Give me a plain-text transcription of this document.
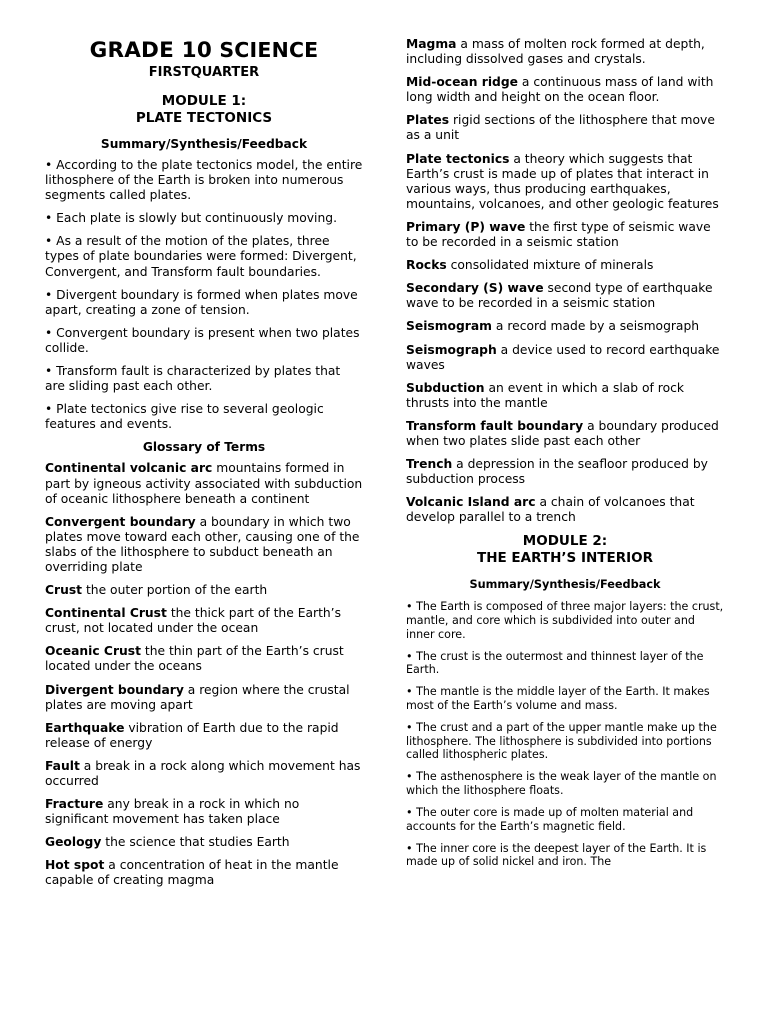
GRADE 10 SCIENCE
FIRSTQUARTER
MODULE 1:
PLATE TECTONICS
Summary/Synthesis/Feedback

• According to the plate tectonics model, the entire lithosphere of the Earth is broken into numerous segments called plates.

• Each plate is slowly but continuously moving.

• As a result of the motion of the plates, three types of plate boundaries were formed: Divergent, Convergent, and Transform fault boundaries.

• Divergent boundary is formed when plates move apart, creating a zone of tension.

• Convergent boundary is present when two plates collide.

• Transform fault is characterized by plates that are sliding past each other.

• Plate tectonics give rise to several geologic features and events.

Glossary of Terms

Continental volcanic arc mountains formed in part by igneous activity associated with subduction of oceanic lithosphere beneath a continent

Convergent boundary a boundary in which two plates move toward each other, causing one of the slabs of the lithosphere to subduct beneath an overriding plate

Crust the outer portion of the earth

Continental Crust the thick part of the Earth’s crust, not located under the ocean

Oceanic Crust the thin part of the Earth’s crust located under the oceans

Divergent boundary a region where the crustal plates are moving apart

Earthquake vibration of Earth due to the rapid release of energy

Fault a break in a rock along which movement has occurred

Fracture any break in a rock in which no significant movement has taken place

Geology the science that studies Earth

Hot spot a concentration of heat in the mantle capable of creating magma

Magma a mass of molten rock formed at depth, including dissolved gases and crystals.

Mid-ocean ridge a continuous mass of land with long width and height on the ocean floor.

Plates rigid sections of the lithosphere that move as a unit

Plate tectonics a theory which suggests that Earth’s crust is made up of plates that interact in various ways, thus producing earthquakes, mountains, volcanoes, and other geologic features

Primary (P) wave the first type of seismic wave to be recorded in a seismic station

Rocks consolidated mixture of minerals

Secondary (S) wave second type of earthquake wave to be recorded in a seismic station

Seismogram a record made by a seismograph

Seismograph a device used to record earthquake waves

Subduction an event in which a slab of rock thrusts into the mantle

Transform fault boundary a boundary produced when two plates slide past each other

Trench a depression in the seafloor produced by subduction process

Volcanic Island arc a chain of volcanoes that develop parallel to a trench

MODULE 2:
THE EARTH’S INTERIOR
Summary/Synthesis/Feedback

• The Earth is composed of three major layers: the crust, mantle, and core which is subdivided into outer and inner core.

• The crust is the outermost and thinnest layer of the Earth.

• The mantle is the middle layer of the Earth. It makes most of the Earth’s volume and mass.

• The crust and a part of the upper mantle make up the lithosphere. The lithosphere is subdivided into portions called lithospheric plates.

• The asthenosphere is the weak layer of the mantle on which the lithosphere floats.

• The outer core is made up of molten material and accounts for the Earth’s magnetic field.

• The inner core is the deepest layer of the Earth. It is made up of solid nickel and iron. The
